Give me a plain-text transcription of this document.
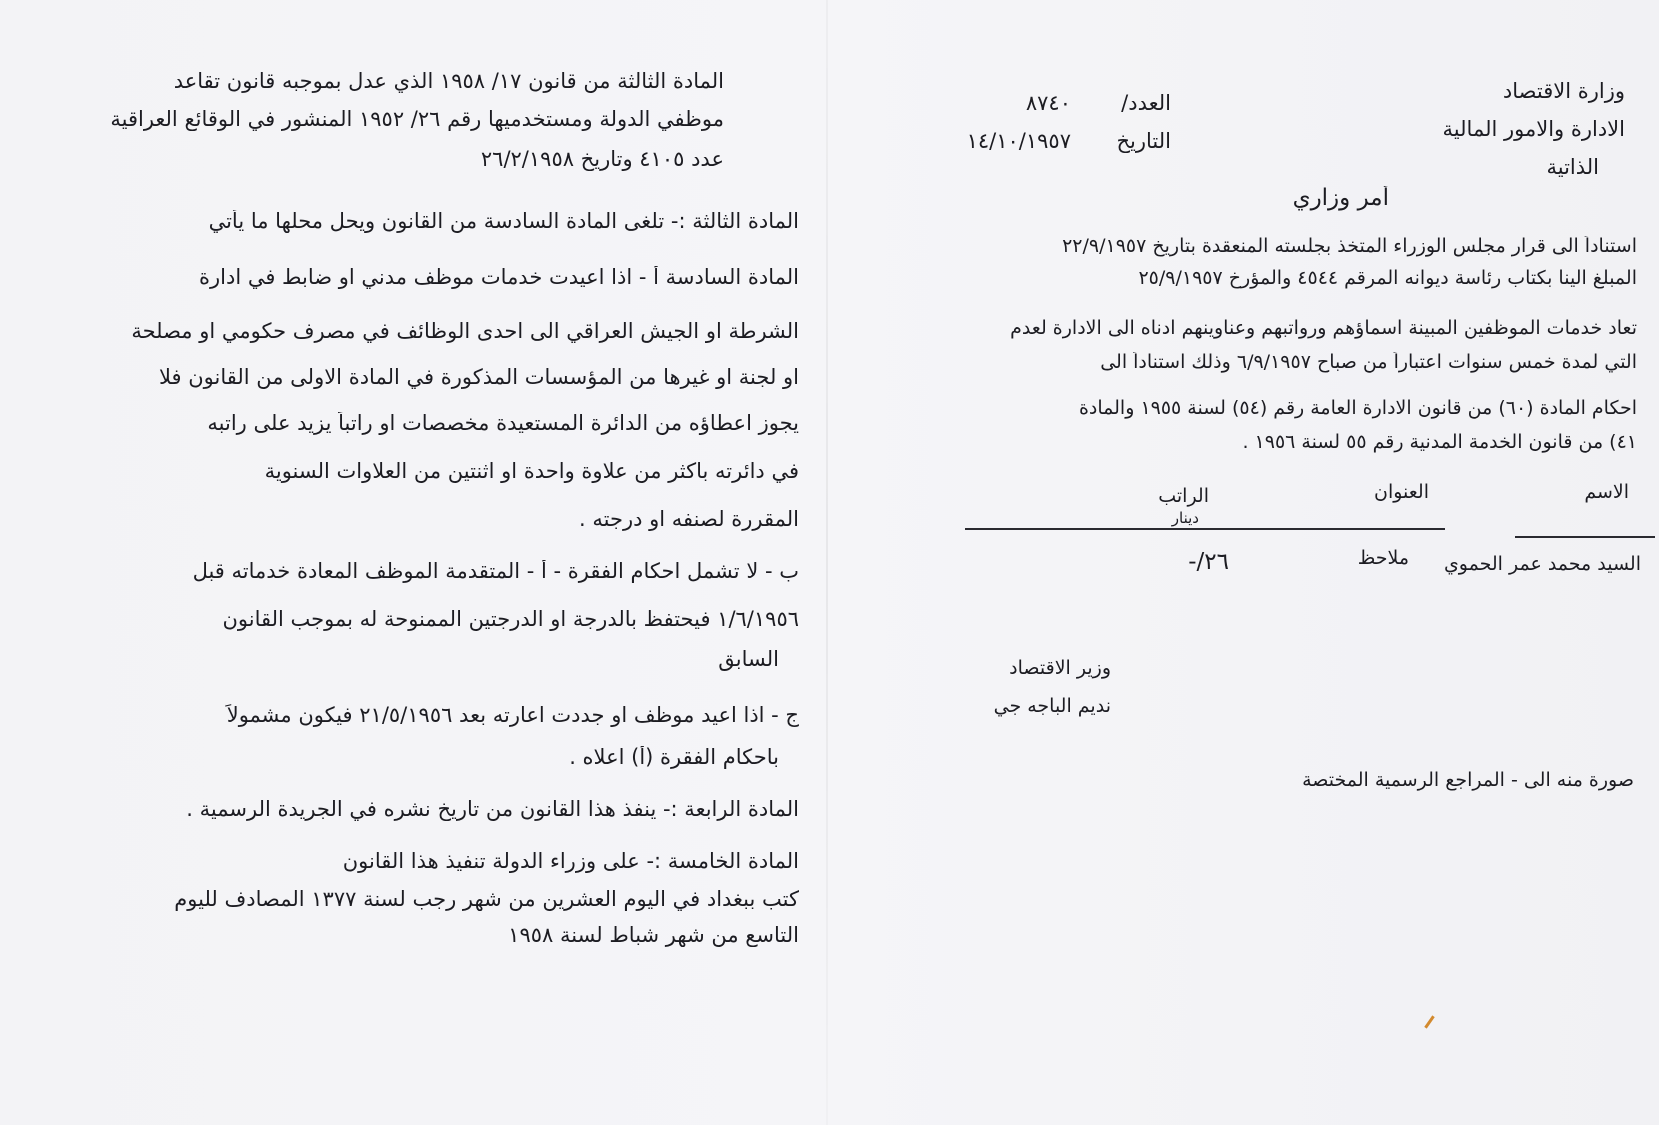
وزارة الاقتصاد
الادارة والامور المالية
الذاتية
العدد/
٨٧٤٠
التاريخ
١٤/١٠/١٩٥٧
أمر وزاري
استناداً الى قرار مجلس الوزراء المتخذ بجلسته المنعقدة بتاريخ ٢٢/٩/١٩٥٧
المبلغ الينا بكتاب رئاسة ديوانه المرقم ٤٥٤٤ والمؤرخ ٢٥/٩/١٩٥٧
تعاد خدمات الموظفين المبينة اسماؤهم ورواتبهم وعناوينهم ادناه الى الادارة لعدم
التي لمدة خمس سنوات اعتباراً من صباح ٦/٩/١٩٥٧ وذلك استناداً الى
احكام المادة (٦٠) من قانون الادارة العامة رقم (٥٤) لسنة ١٩٥٥ والمادة
٤١) من قانون الخدمة المدنية رقم ٥٥ لسنة ١٩٥٦ .
الاسم
العنوان
الراتب
دينار
السيد محمد عمر الحموي
ملاحظ
٢٦/-
وزير الاقتصاد
نديم الباجه جي
صورة منه الى - المراجع الرسمية المختصة
المادة الثالثة من قانون ١٧/ ١٩٥٨ الذي عدل بموجبه قانون تقاعد
موظفي الدولة ومستخدميها رقم ٢٦/ ١٩٥٢ المنشور في الوقائع العراقية
عدد ٤١٠٥ وتاريخ ٢٦/٢/١٩٥٨
المادة الثالثة :- تلغى المادة السادسة من القانون ويحل محلها ما يأتي
المادة السادسة أ - اذا اعيدت خدمات موظف مدني او ضابط في ادارة
الشرطة او الجيش العراقي الى احدى الوظائف في مصرف حكومي او مصلحة
او لجنة او غيرها من المؤسسات المذكورة في المادة الاولى من القانون فلا
يجوز اعطاؤه من الدائرة المستعيدة مخصصات او راتباً يزيد على راتبه
في دائرته باكثر من علاوة واحدة او اثنتين من العلاوات السنوية
المقررة لصنفه او درجته .
ب - لا تشمل احكام الفقرة - أ - المتقدمة الموظف المعادة خدماته قبل
١/٦/١٩٥٦ فيحتفظ بالدرجة او الدرجتين الممنوحة له بموجب القانون
السابق
ج - اذا اعيد موظف او جددت اعارته بعد ٢١/٥/١٩٥٦ فيكون مشمولاً
باحكام الفقرة (أ) اعلاه .
المادة الرابعة :- ينفذ هذا القانون من تاريخ نشره في الجريدة الرسمية .
المادة الخامسة :- على وزراء الدولة تنفيذ هذا القانون
كتب ببغداد في اليوم العشرين من شهر رجب لسنة ١٣٧٧ المصادف لليوم
التاسع من شهر شباط لسنة ١٩٥٨
